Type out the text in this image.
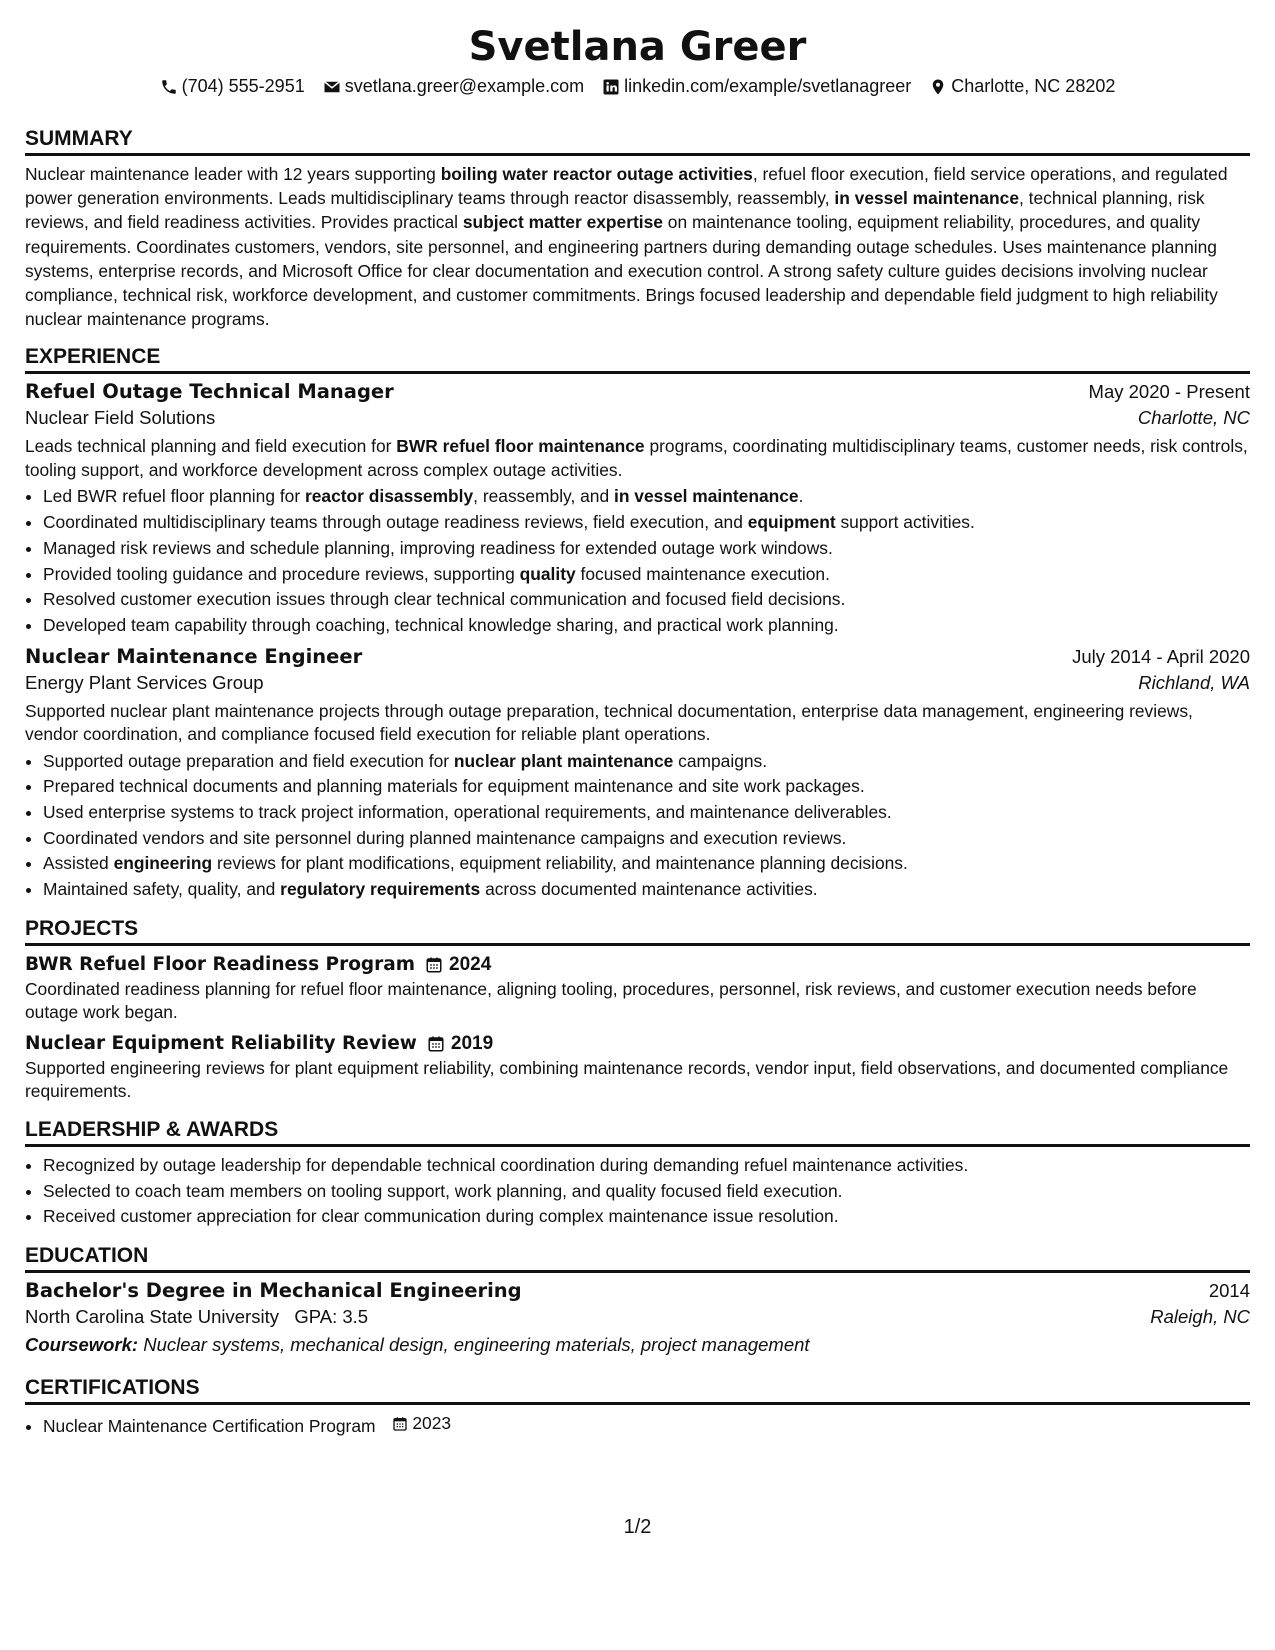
Svetlana Greer
(704) 555-2951 svetlana.greer@example.com linkedin.com/example/svetlanagreer Charlotte, NC 28202
SUMMARY
Nuclear maintenance leader with 12 years supporting boiling water reactor outage activities, refuel floor execution, field service operations, and regulated power generation environments. Leads multidisciplinary teams through reactor disassembly, reassembly, in vessel maintenance, technical planning, risk reviews, and field readiness activities. Provides practical subject matter expertise on maintenance tooling, equipment reliability, procedures, and quality requirements. Coordinates customers, vendors, site personnel, and engineering partners during demanding outage schedules. Uses maintenance planning systems, enterprise records, and Microsoft Office for clear documentation and execution control. A strong safety culture guides decisions involving nuclear compliance, technical risk, workforce development, and customer commitments. Brings focused leadership and dependable field judgment to high reliability nuclear maintenance programs.
EXPERIENCE
Refuel Outage Technical Manager	May 2020 - Present
Nuclear Field Solutions	Charlotte, NC
Leads technical planning and field execution for BWR refuel floor maintenance programs, coordinating multidisciplinary teams, customer needs, risk controls, tooling support, and workforce development across complex outage activities.
• Led BWR refuel floor planning for reactor disassembly, reassembly, and in vessel maintenance.
• Coordinated multidisciplinary teams through outage readiness reviews, field execution, and equipment support activities.
• Managed risk reviews and schedule planning, improving readiness for extended outage work windows.
• Provided tooling guidance and procedure reviews, supporting quality focused maintenance execution.
• Resolved customer execution issues through clear technical communication and focused field decisions.
• Developed team capability through coaching, technical knowledge sharing, and practical work planning.
Nuclear Maintenance Engineer	July 2014 - April 2020
Energy Plant Services Group	Richland, WA
Supported nuclear plant maintenance projects through outage preparation, technical documentation, enterprise data management, engineering reviews, vendor coordination, and compliance focused field execution for reliable plant operations.
• Supported outage preparation and field execution for nuclear plant maintenance campaigns.
• Prepared technical documents and planning materials for equipment maintenance and site work packages.
• Used enterprise systems to track project information, operational requirements, and maintenance deliverables.
• Coordinated vendors and site personnel during planned maintenance campaigns and execution reviews.
• Assisted engineering reviews for plant modifications, equipment reliability, and maintenance planning decisions.
• Maintained safety, quality, and regulatory requirements across documented maintenance activities.
PROJECTS
BWR Refuel Floor Readiness Program 2024
Coordinated readiness planning for refuel floor maintenance, aligning tooling, procedures, personnel, risk reviews, and customer execution needs before outage work began.
Nuclear Equipment Reliability Review 2019
Supported engineering reviews for plant equipment reliability, combining maintenance records, vendor input, field observations, and documented compliance requirements.
LEADERSHIP & AWARDS
• Recognized by outage leadership for dependable technical coordination during demanding refuel maintenance activities.
• Selected to coach team members on tooling support, work planning, and quality focused field execution.
• Received customer appreciation for clear communication during complex maintenance issue resolution.
EDUCATION
Bachelor's Degree in Mechanical Engineering	2014
North Carolina State University GPA: 3.5	Raleigh, NC
Coursework: Nuclear systems, mechanical design, engineering materials, project management
CERTIFICATIONS
• Nuclear Maintenance Certification Program 2023
1/2
